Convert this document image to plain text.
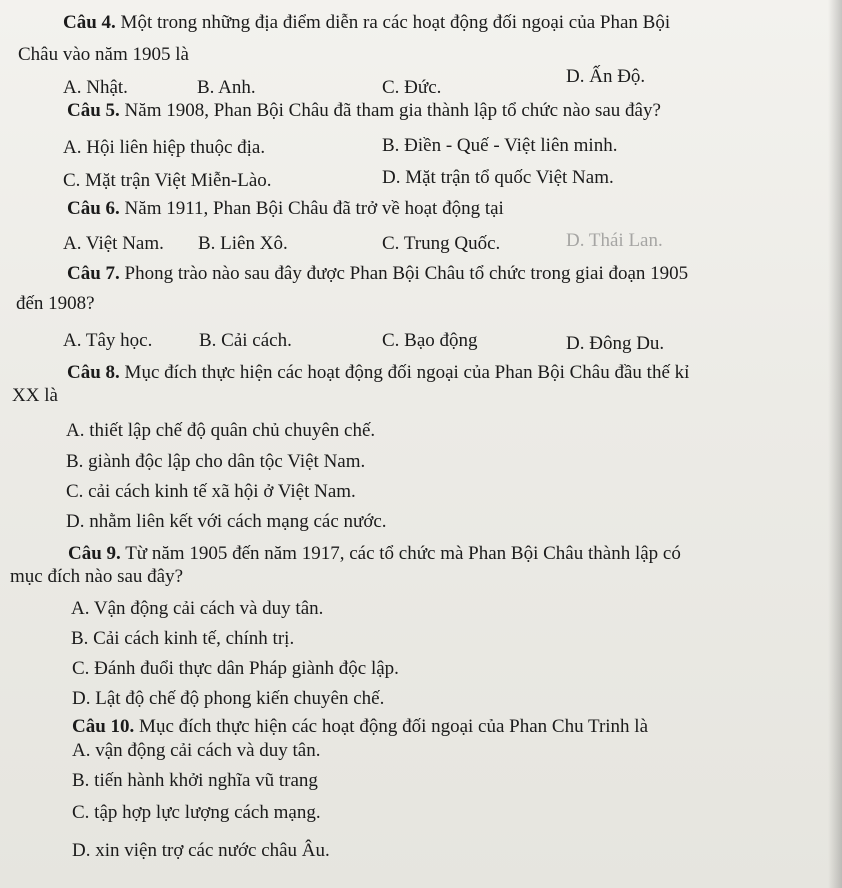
Câu 4. Một trong những địa điểm diễn ra các hoạt động đối ngoại của Phan Bội
Châu vào năm 1905 là
A. Nhật.	B. Anh.	C. Đức.
D. Ấn Độ.
Câu 5. Năm 1908, Phan Bội Châu đã tham gia thành lập tổ chức nào sau đây?
A. Hội liên hiệp thuộc địa.	B. Điền - Quế - Việt liên minh.
C. Mặt trận Việt Miễn-Lào.	D. Mặt trận tổ quốc Việt Nam.
Câu 6. Năm 1911, Phan Bội Châu đã trở về hoạt động tại
A. Việt Nam. B. Liên Xô.	C. Trung Quốc.	D. Thái Lan.
Câu 7. Phong trào nào sau đây được Phan Bội Châu tổ chức trong giai đoạn 1905
đến 1908?
A. Tây học. B. Cải cách.	C. Bạo động	D. Đông Du.
Câu 8. Mục đích thực hiện các hoạt động đối ngoại của Phan Bội Châu đầu thế kỉ
XX là
A. thiết lập chế độ quân chủ chuyên chế.
B. giành độc lập cho dân tộc Việt Nam.
C. cải cách kinh tế xã hội ở Việt Nam.
D. nhằm liên kết với cách mạng các nước.
Câu 9. Từ năm 1905 đến năm 1917, các tổ chức mà Phan Bội Châu thành lập có
mục đích nào sau đây?
A. Vận động cải cách và duy tân.
B. Cải cách kinh tế, chính trị.
C. Đánh đuổi thực dân Pháp giành độc lập.
D. Lật độ chế độ phong kiến chuyên chế.
Câu 10. Mục đích thực hiện các hoạt động đối ngoại của Phan Chu Trinh là
A. vận động cải cách và duy tân.
B. tiến hành khởi nghĩa vũ trang
C. tập hợp lực lượng cách mạng.
D. xin viện trợ các nước châu Âu.
